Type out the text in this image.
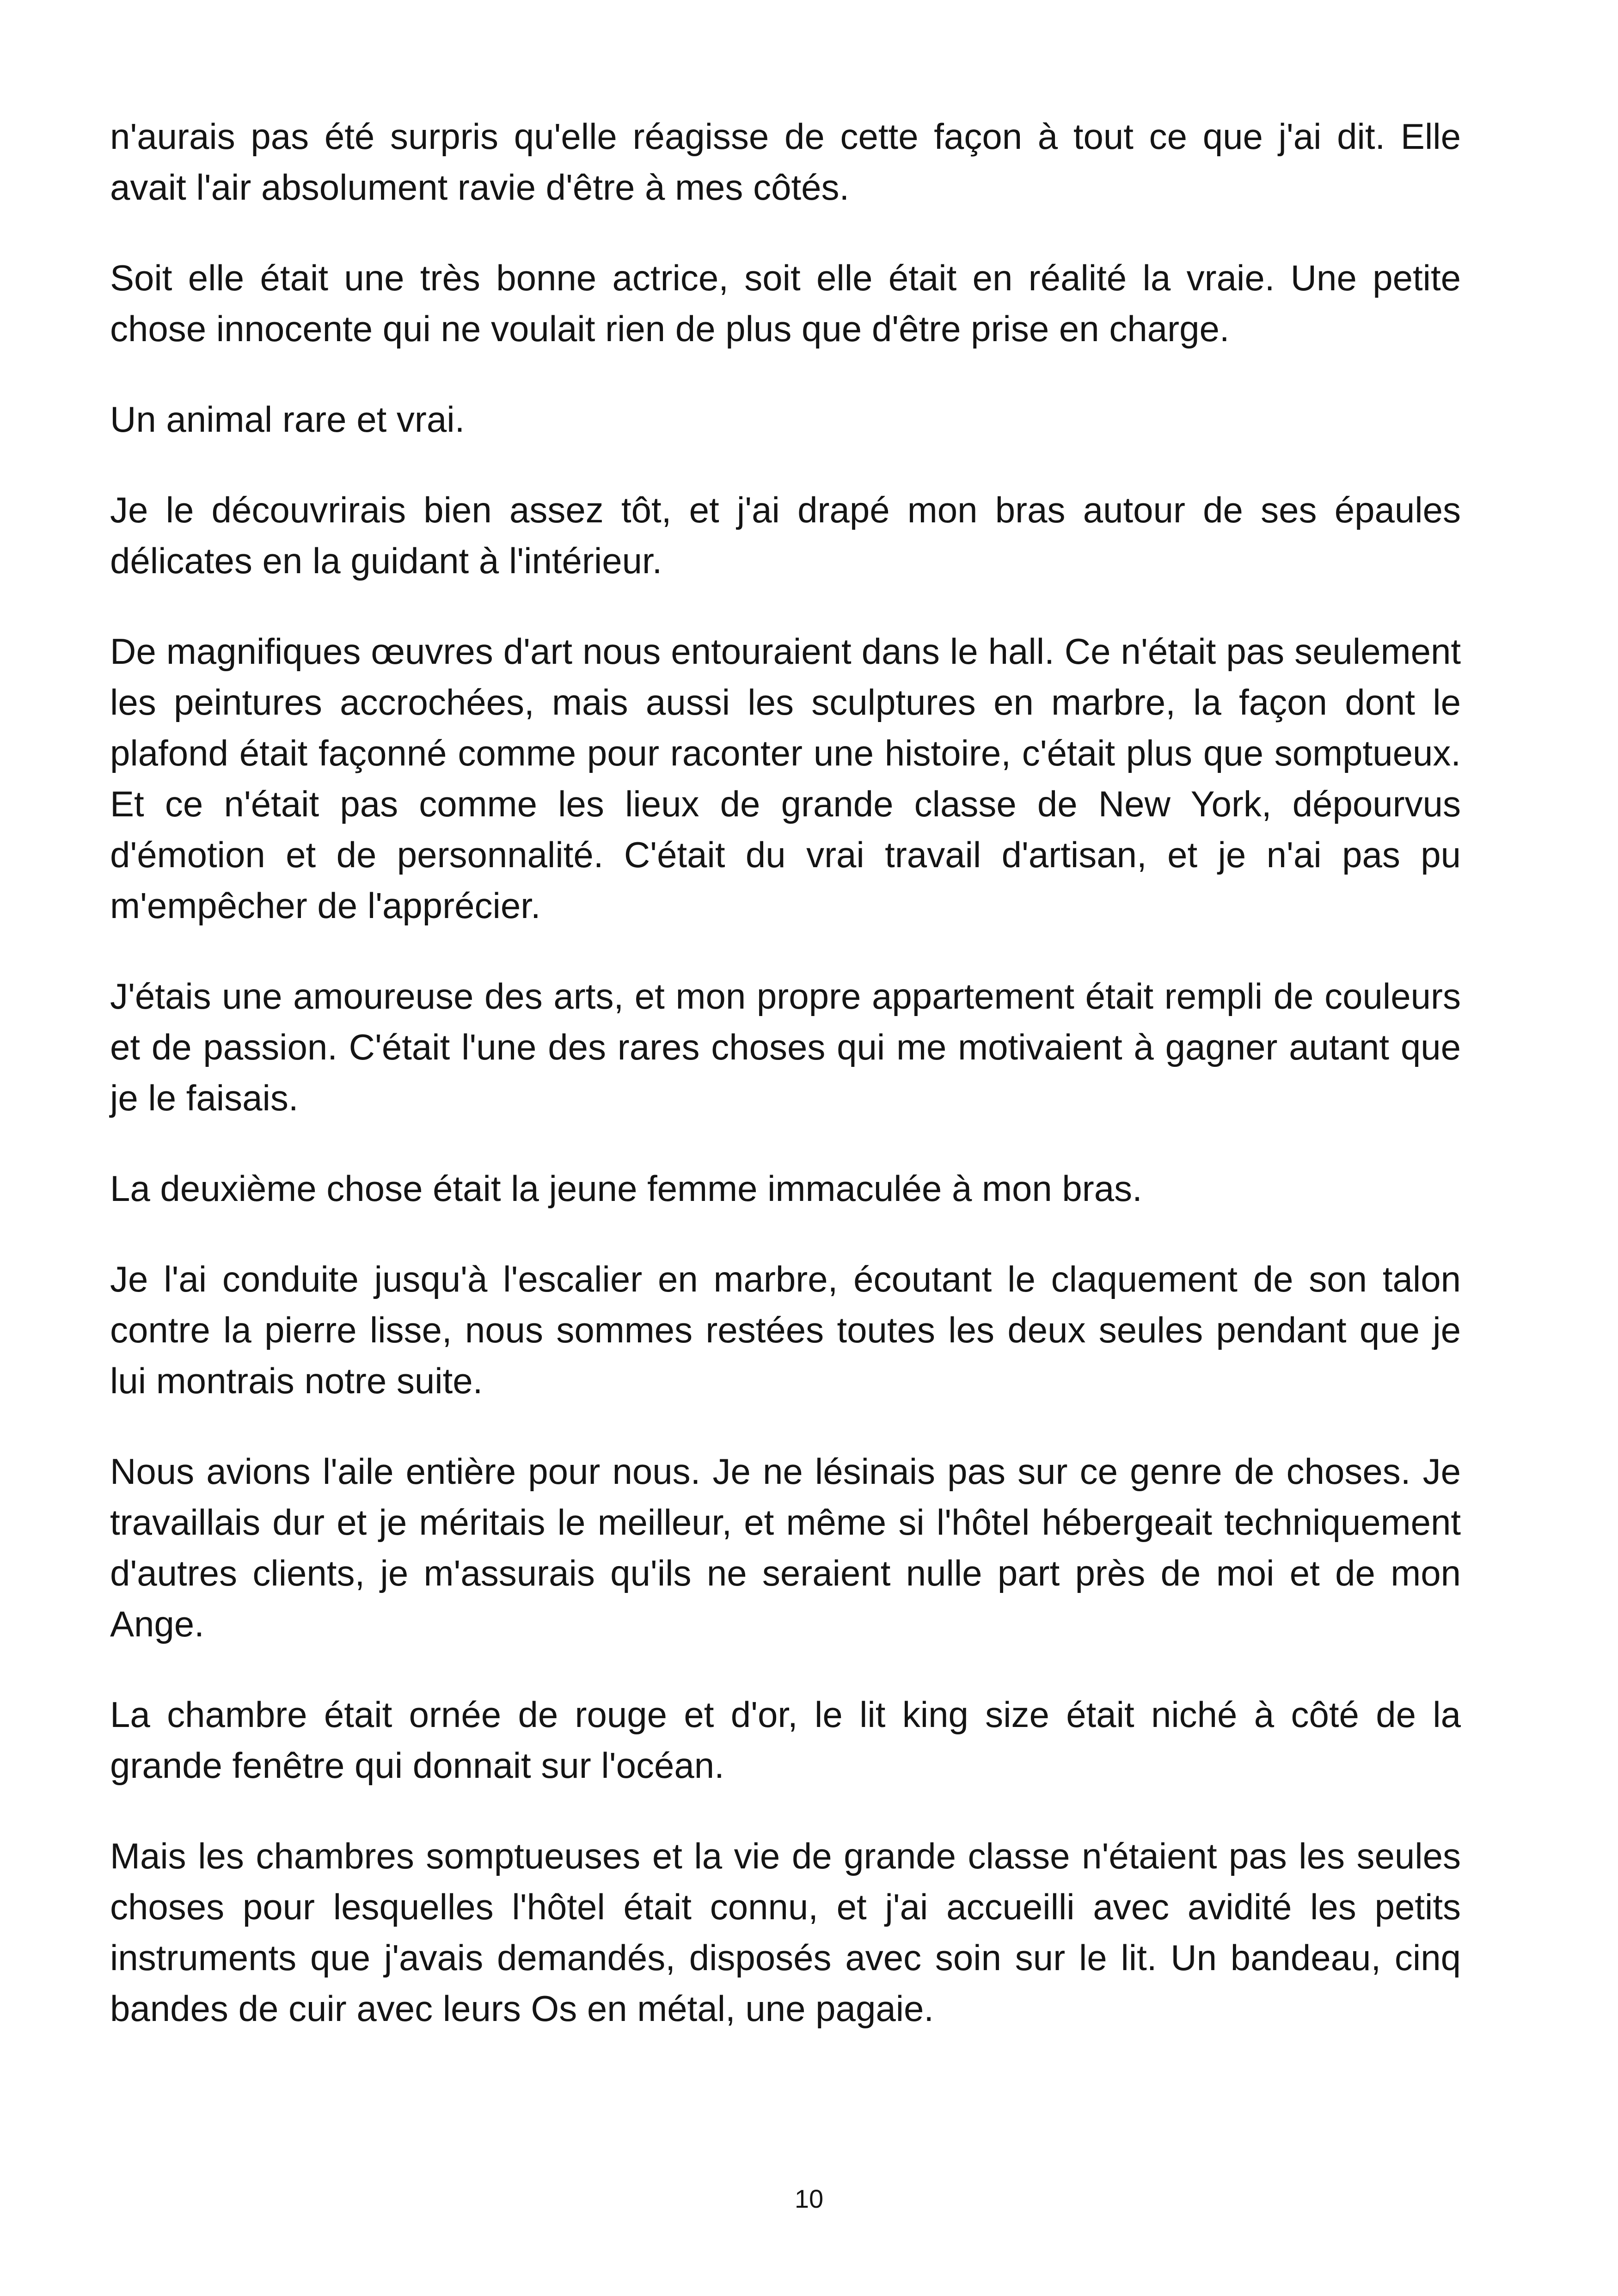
n'aurais pas été surpris qu'elle réagisse de cette façon à tout ce que j'ai dit. Elle avait l'air absolument ravie d'être à mes côtés.

Soit elle était une très bonne actrice, soit elle était en réalité la vraie. Une petite chose innocente qui ne voulait rien de plus que d'être prise en charge.

Un animal rare et vrai.

Je le découvrirais bien assez tôt, et j'ai drapé mon bras autour de ses épaules délicates en la guidant à l'intérieur.

De magnifiques œuvres d'art nous entouraient dans le hall. Ce n'était pas seulement les peintures accrochées, mais aussi les sculptures en marbre, la façon dont le plafond était façonné comme pour raconter une histoire, c'était plus que somptueux. Et ce n'était pas comme les lieux de grande classe de New York, dépourvus d'émotion et de personnalité. C'était du vrai travail d'artisan, et je n'ai pas pu m'empêcher de l'apprécier.

J'étais une amoureuse des arts, et mon propre appartement était rempli de couleurs et de passion. C'était l'une des rares choses qui me motivaient à gagner autant que je le faisais.

La deuxième chose était la jeune femme immaculée à mon bras.

Je l'ai conduite jusqu'à l'escalier en marbre, écoutant le claquement de son talon contre la pierre lisse, nous sommes restées toutes les deux seules pendant que je lui montrais notre suite.

Nous avions l'aile entière pour nous. Je ne lésinais pas sur ce genre de choses. Je travaillais dur et je méritais le meilleur, et même si l'hôtel hébergeait techniquement d'autres clients, je m'assurais qu'ils ne seraient nulle part près de moi et de mon Ange.

La chambre était ornée de rouge et d'or, le lit king size était niché à côté de la grande fenêtre qui donnait sur l'océan.

Mais les chambres somptueuses et la vie de grande classe n'étaient pas les seules choses pour lesquelles l'hôtel était connu, et j'ai accueilli avec avidité les petits instruments que j'avais demandés, disposés avec soin sur le lit. Un bandeau, cinq bandes de cuir avec leurs Os en métal, une pagaie.

10
